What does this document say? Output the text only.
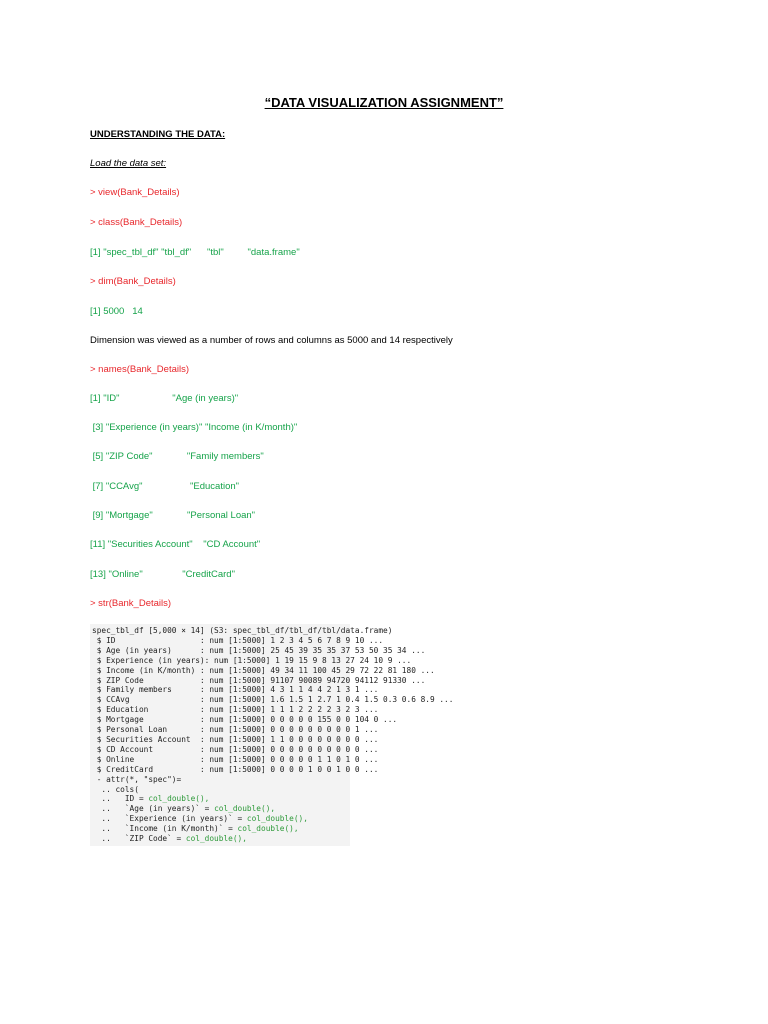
“DATA VISUALIZATION ASSIGNMENT”
UNDERSTANDING THE DATA:
Load the data set:
> view(Bank_Details)
> class(Bank_Details)
[1] "spec_tbl_df" "tbl_df"      "tbl"         "data.frame"
> dim(Bank_Details)
[1] 5000   14
Dimension was viewed as a number of rows and columns as 5000 and 14 respectively
> names(Bank_Details)
[1] "ID"                    "Age (in years)"
[3] "Experience (in years)" "Income (in K/month)"
[5] "ZIP Code"             "Family members"
[7] "CCAvg"                  "Education"
[9] "Mortgage"             "Personal Loan"
[11] "Securities Account"    "CD Account"
[13] "Online"               "CreditCard"
> str(Bank_Details)
spec_tbl_df [5,000 × 14] (S3: spec_tbl_df/tbl_df/tbl/data.frame)
$ ID                  : num [1:5000] 1 2 3 4 5 6 7 8 9 10 ...
$ Age (in years)      : num [1:5000] 25 45 39 35 35 37 53 50 35 34 ...
$ Experience (in years): num [1:5000] 1 19 15 9 8 13 27 24 10 9 ...
$ Income (in K/month) : num [1:5000] 49 34 11 100 45 29 72 22 81 180 ...
$ ZIP Code            : num [1:5000] 91107 90089 94720 94112 91330 ...
$ Family members      : num [1:5000] 4 3 1 1 4 4 2 1 3 1 ...
$ CCAvg               : num [1:5000] 1.6 1.5 1 2.7 1 0.4 1.5 0.3 0.6 8.9 ...
$ Education           : num [1:5000] 1 1 1 2 2 2 2 3 2 3 ...
$ Mortgage            : num [1:5000] 0 0 0 0 0 155 0 0 104 0 ...
$ Personal Loan       : num [1:5000] 0 0 0 0 0 0 0 0 0 1 ...
$ Securities Account  : num [1:5000] 1 1 0 0 0 0 0 0 0 0 ...
$ CD Account          : num [1:5000] 0 0 0 0 0 0 0 0 0 0 ...
$ Online              : num [1:5000] 0 0 0 0 0 1 1 0 1 0 ...
$ CreditCard          : num [1:5000] 0 0 0 0 1 0 0 1 0 0 ...
- attr(*, "spec")=
.. cols(
..   ID = col_double(),
..   `Age (in years)` = col_double(),
..   `Experience (in years)` = col_double(),
..   `Income (in K/month)` = col_double(),
..   `ZIP Code` = col_double(),
